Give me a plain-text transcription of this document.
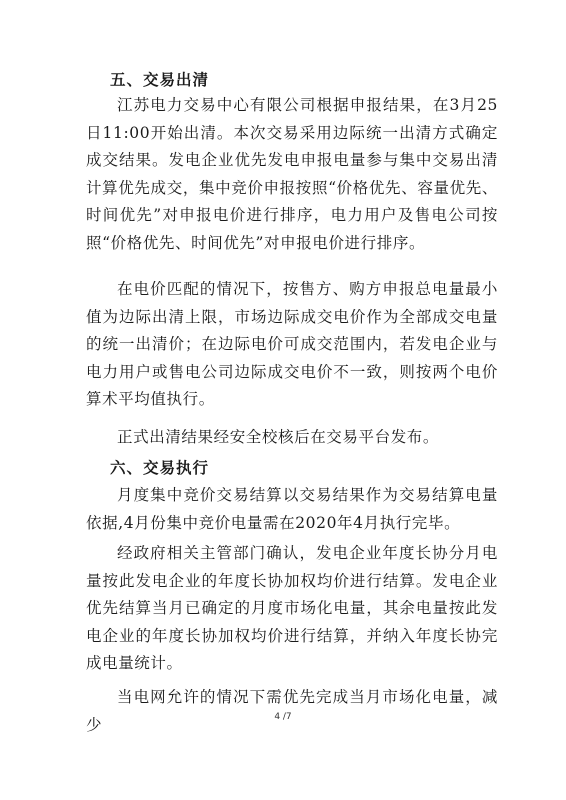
五、交易出清

江苏电力交易中心有限公司根据申报结果，在3月25日11:00开始出清。本次交易采用边际统一出清方式确定成交结果。发电企业优先发电申报电量参与集中交易出清计算优先成交，集中竞价申报按照“价格优先、容量优先、时间优先”对申报电价进行排序，电力用户及售电公司按照“价格优先、时间优先”对申报电价进行排序。

在电价匹配的情况下，按售方、购方申报总电量最小值为边际出清上限，市场边际成交电价作为全部成交电量的统一出清价；在边际电价可成交范围内，若发电企业与电力用户或售电公司边际成交电价不一致，则按两个电价算术平均值执行。

正式出清结果经安全校核后在交易平台发布。

六、交易执行

月度集中竞价交易结算以交易结果作为交易结算电量依据,4月份集中竞价电量需在2020年4月执行完毕。

经政府相关主管部门确认，发电企业年度长协分月电量按此发电企业的年度长协加权均价进行结算。发电企业优先结算当月已确定的月度市场化电量，其余电量按此发电企业的年度长协加权均价进行结算，并纳入年度长协完成电量统计。

当电网允许的情况下需优先完成当月市场化电量，减少	4 /7
